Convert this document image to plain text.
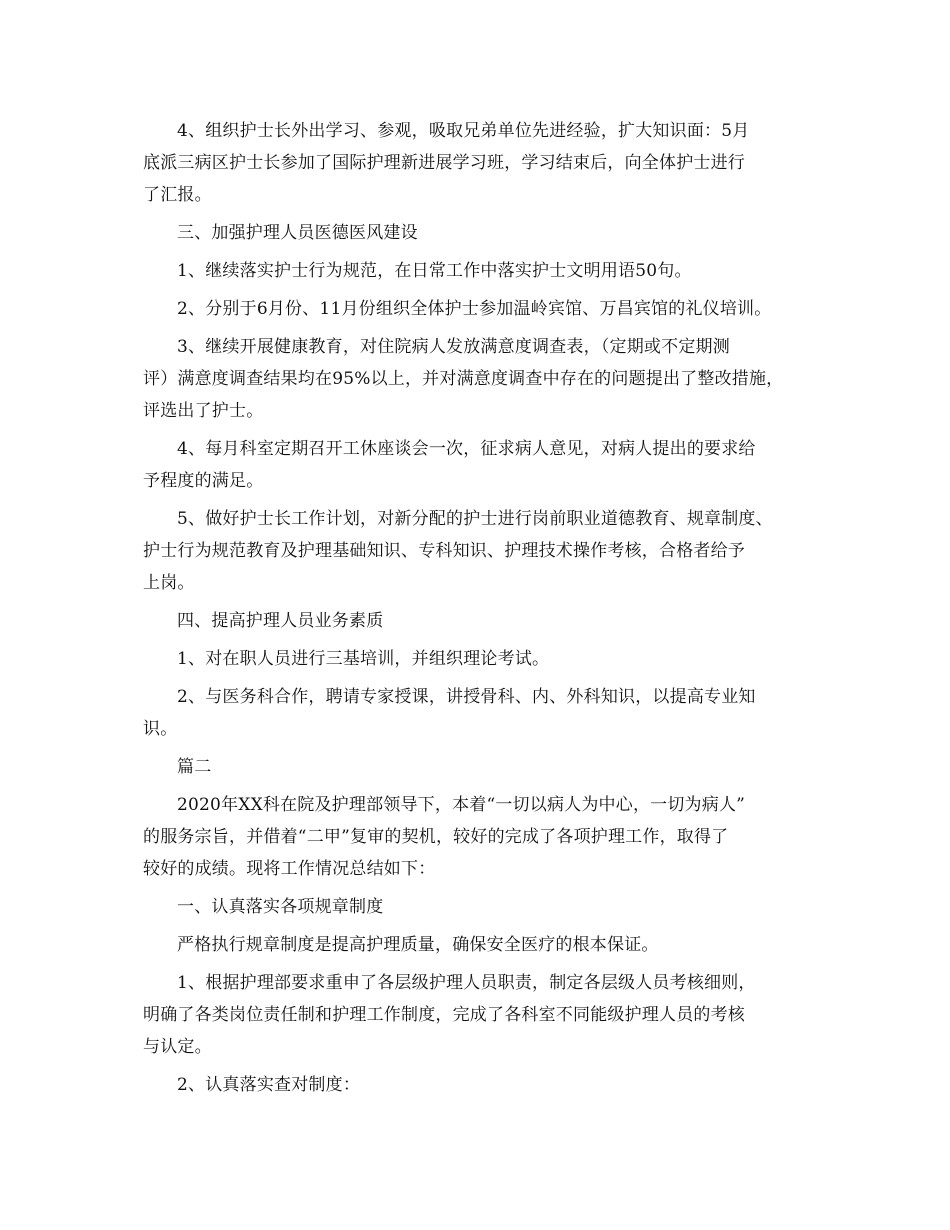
4、组织护士长外出学习、参观，吸取兄弟单位先进经验，扩大知识面：5月
底派三病区护士长参加了国际护理新进展学习班，学习结束后，向全体护士进行
了汇报。

三、加强护理人员医德医风建设

1、继续落实护士行为规范，在日常工作中落实护士文明用语50句。

2、分别于6月份、11月份组织全体护士参加温岭宾馆、万昌宾馆的礼仪培训。

3、继续开展健康教育，对住院病人发放满意度调查表，（定期或不定期测
评）满意度调查结果均在95%以上，并对满意度调查中存在的问题提出了整改措施，
评选出了护士。

4、每月科室定期召开工休座谈会一次，征求病人意见，对病人提出的要求给
予程度的满足。

5、做好护士长工作计划，对新分配的护士进行岗前职业道德教育、规章制度、
护士行为规范教育及护理基础知识、专科知识、护理技术操作考核，合格者给予
上岗。

四、提高护理人员业务素质

1、对在职人员进行三基培训，并组织理论考试。

2、与医务科合作，聘请专家授课，讲授骨科、内、外科知识，以提高专业知
识。

篇二

2020年XX科在院及护理部领导下，本着“一切以病人为中心，一切为病人”
的服务宗旨，并借着“二甲”复审的契机，较好的完成了各项护理工作，取得了
较好的成绩。现将工作情况总结如下：

一、认真落实各项规章制度

严格执行规章制度是提高护理质量，确保安全医疗的根本保证。

1、根据护理部要求重申了各层级护理人员职责，制定各层级人员考核细则，
明确了各类岗位责任制和护理工作制度，完成了各科室不同能级护理人员的考核
与认定。

2、认真落实查对制度：
